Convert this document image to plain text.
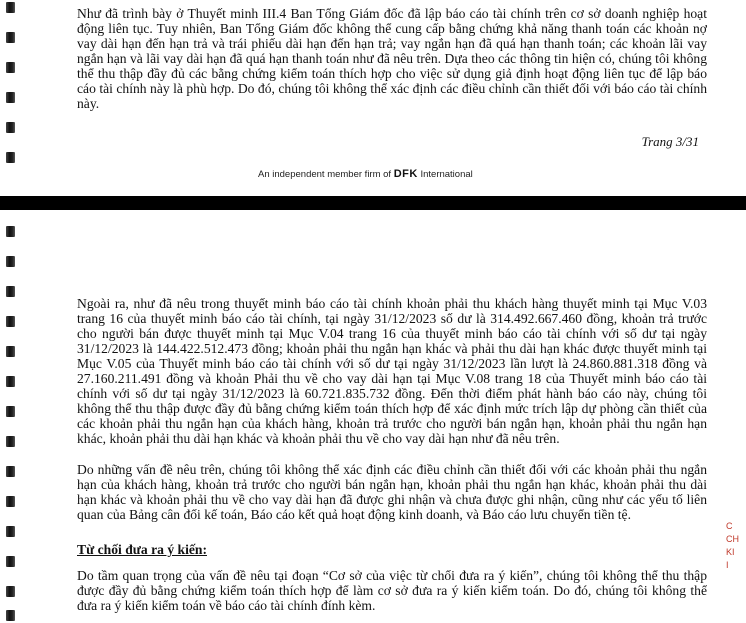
Như đã trình bày ở Thuyết minh III.4 Ban Tổng Giám đốc đã lập báo cáo tài chính trên cơ sở doanh nghiệp hoạt động liên tục. Tuy nhiên, Ban Tổng Giám đốc không thể cung cấp bằng chứng khả năng thanh toán các khoản nợ vay dài hạn đến hạn trả và trái phiếu dài hạn đến hạn trả; vay ngắn hạn đã quá hạn thanh toán; các khoản lãi vay ngắn hạn và lãi vay dài hạn đã quá hạn thanh toán như đã nêu trên. Dựa theo các thông tin hiện có, chúng tôi không thể thu thập đầy đủ các bằng chứng kiểm toán thích hợp cho việc sử dụng giả định hoạt động liên tục để lập báo cáo tài chính này là phù hợp. Do đó, chúng tôi không thể xác định các điều chỉnh cần thiết đối với báo cáo tài chính này.

Trang 3/31
An independent member firm of DFK International

Ngoài ra, như đã nêu trong thuyết minh báo cáo tài chính khoản phải thu khách hàng thuyết minh tại Mục V.03 trang 16 của thuyết minh báo cáo tài chính, tại ngày 31/12/2023 số dư là 314.492.667.460 đồng, khoản trả trước cho người bán được thuyết minh tại Mục V.04 trang 16 của thuyết minh báo cáo tài chính với số dư tại ngày 31/12/2023 là 144.422.512.473 đồng; khoản phải thu ngắn hạn khác và phải thu dài hạn khác được thuyết minh tại Mục V.05 của Thuyết minh báo cáo tài chính với số dư tại ngày 31/12/2023 lần lượt là 24.860.881.318 đồng và 27.160.211.491 đồng và khoản Phải thu về cho vay dài hạn tại Mục V.08 trang 18 của Thuyết minh báo cáo tài chính với số dư tại ngày 31/12/2023 là 60.721.835.732 đồng. Đến thời điểm phát hành báo cáo này, chúng tôi không thể thu thập được đầy đủ bằng chứng kiểm toán thích hợp để xác định mức trích lập dự phòng cần thiết của các khoản phải thu ngắn hạn của khách hàng, khoản trả trước cho người bán ngắn hạn, khoản phải thu ngắn hạn khác, khoản phải thu dài hạn khác và khoản phải thu về cho vay dài hạn như đã nêu trên.

Do những vấn đề nêu trên, chúng tôi không thể xác định các điều chỉnh cần thiết đối với các khoản phải thu ngắn hạn của khách hàng, khoản trả trước cho người bán ngắn hạn, khoản phải thu ngắn hạn khác, khoản phải thu dài hạn khác và khoản phải thu về cho vay dài hạn đã được ghi nhận và chưa được ghi nhận, cũng như các yếu tố liên quan của Bảng cân đối kế toán, Báo cáo kết quả hoạt động kinh doanh, và Báo cáo lưu chuyển tiền tệ.

Từ chối đưa ra ý kiến:

Do tầm quan trọng của vấn đề nêu tại đoạn “Cơ sở của việc từ chối đưa ra ý kiến”, chúng tôi không thể thu thập được đầy đủ bằng chứng kiểm toán thích hợp để làm cơ sở đưa ra ý kiến kiểm toán. Do đó, chúng tôi không thể đưa ra ý kiến kiểm toán về báo cáo tài chính đính kèm.

C
CH
KI
I
